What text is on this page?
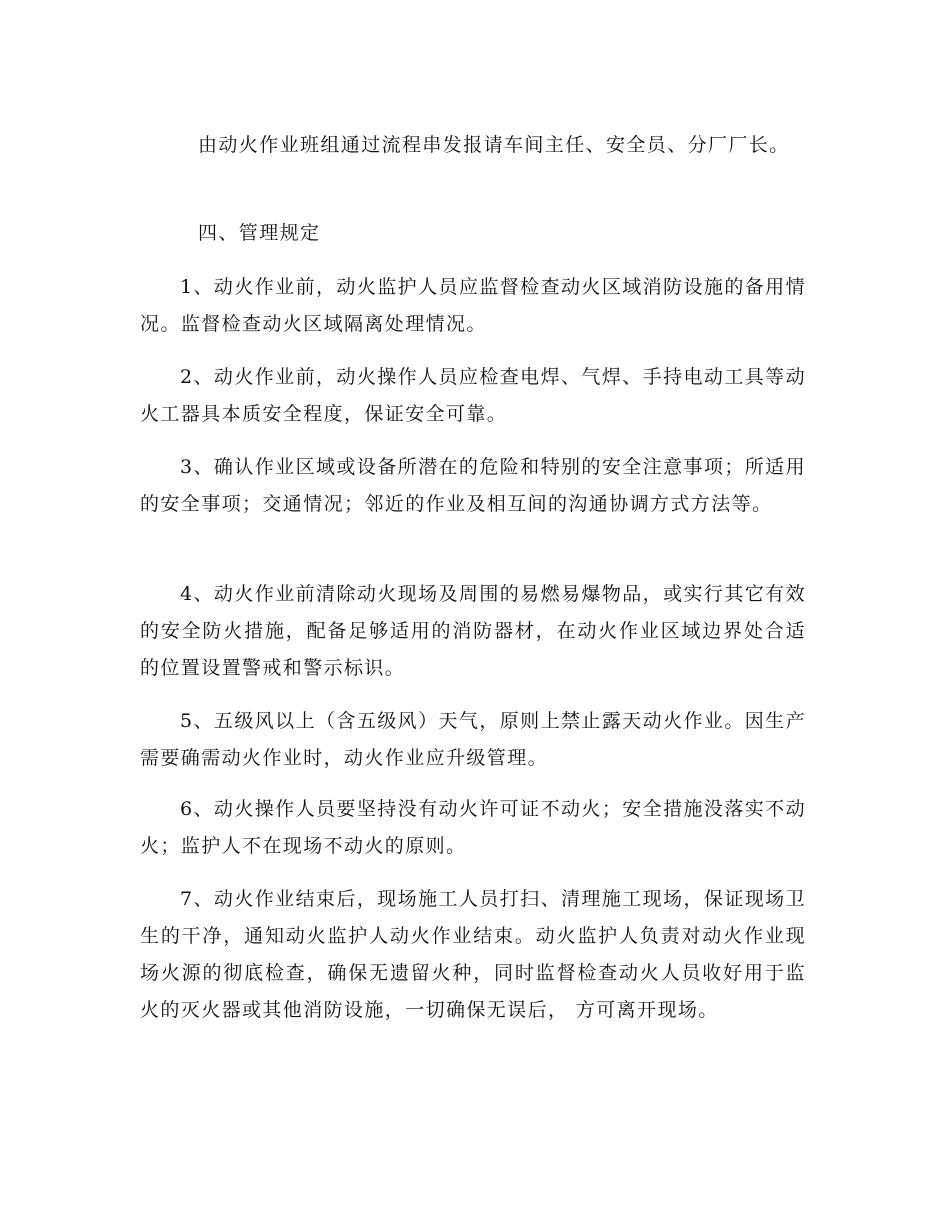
由动火作业班组通过流程串发报请车间主任、安全员、分厂厂长。

四、管理规定

1、动火作业前，动火监护人员应监督检查动火区域消防设施的备用情况。监督检查动火区域隔离处理情况。

2、动火作业前，动火操作人员应检查电焊、气焊、手持电动工具等动火工器具本质安全程度，保证安全可靠。

3、确认作业区域或设备所潜在的危险和特别的安全注意事项；所适用的安全事项；交通情况；邻近的作业及相互间的沟通协调方式方法等。

4、动火作业前清除动火现场及周围的易燃易爆物品，或实行其它有效的安全防火措施，配备足够适用的消防器材，在动火作业区域边界处合适的位置设置警戒和警示标识。

5、五级风以上（含五级风）天气，原则上禁止露天动火作业。因生产需要确需动火作业时，动火作业应升级管理。

6、动火操作人员要坚持没有动火许可证不动火；安全措施没落实不动火；监护人不在现场不动火的原则。

7、动火作业结束后，现场施工人员打扫、清理施工现场，保证现场卫生的干净，通知动火监护人动火作业结束。动火监护人负责对动火作业现场火源的彻底检查，确保无遗留火种，同时监督检查动火人员收好用于监火的灭火器或其他消防设施，一切确保无误后， 方可离开现场。
